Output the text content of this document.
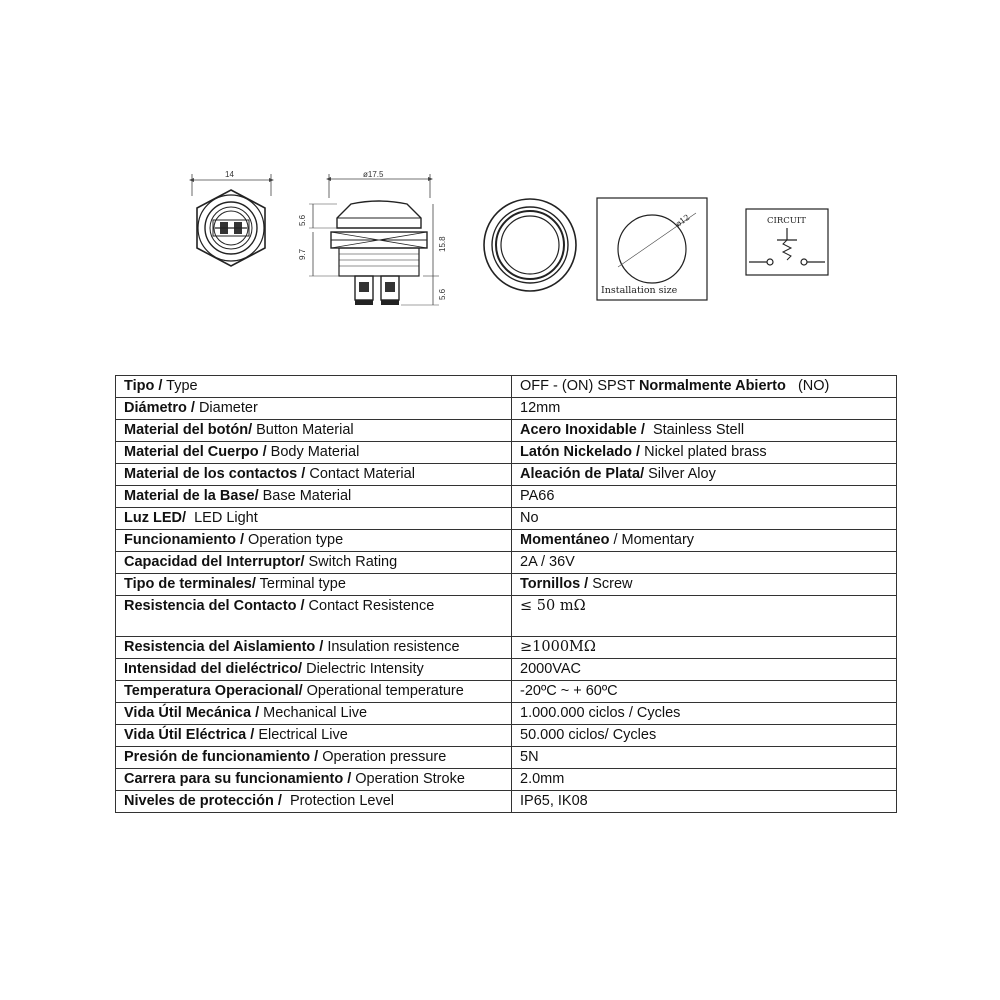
14	ø17.5
5.6
9.7
15.8
5.6
ø12
Installation size
CIRCUIT
Tipo / Type	OFF - (ON) SPST Normalmente Abierto   (NO)
Diámetro / Diameter	12mm
Material del botón/ Button Material	Acero Inoxidable /  Stainless Stell
Material del Cuerpo / Body Material	Latón Nickelado / Nickel plated brass
Material de los contactos / Contact Material	Aleación de Plata/ Silver Aloy
Material de la Base/ Base Material	PA66
Luz LED/  LED Light	No
Funcionamiento / Operation type	Momentáneo / Momentary
Capacidad del Interruptor/ Switch Rating	2A / 36V
Tipo de terminales/ Terminal type	Tornillos / Screw
Resistencia del Contacto / Contact Resistence	≤ 50 mΩ
Resistencia del Aislamiento / Insulation resistence	≥1000MΩ
Intensidad del dieléctrico/ Dielectric Intensity	2000VAC
Temperatura Operacional/ Operational temperature	-20ºC ~ + 60ºC
Vida Útil Mecánica / Mechanical Live	1.000.000 ciclos / Cycles
Vida Útil Eléctrica / Electrical Live	50.000 ciclos/ Cycles
Presión de funcionamiento / Operation pressure	5N
Carrera para su funcionamiento / Operation Stroke	2.0mm
Niveles de protección /  Protection Level	IP65, IK08
